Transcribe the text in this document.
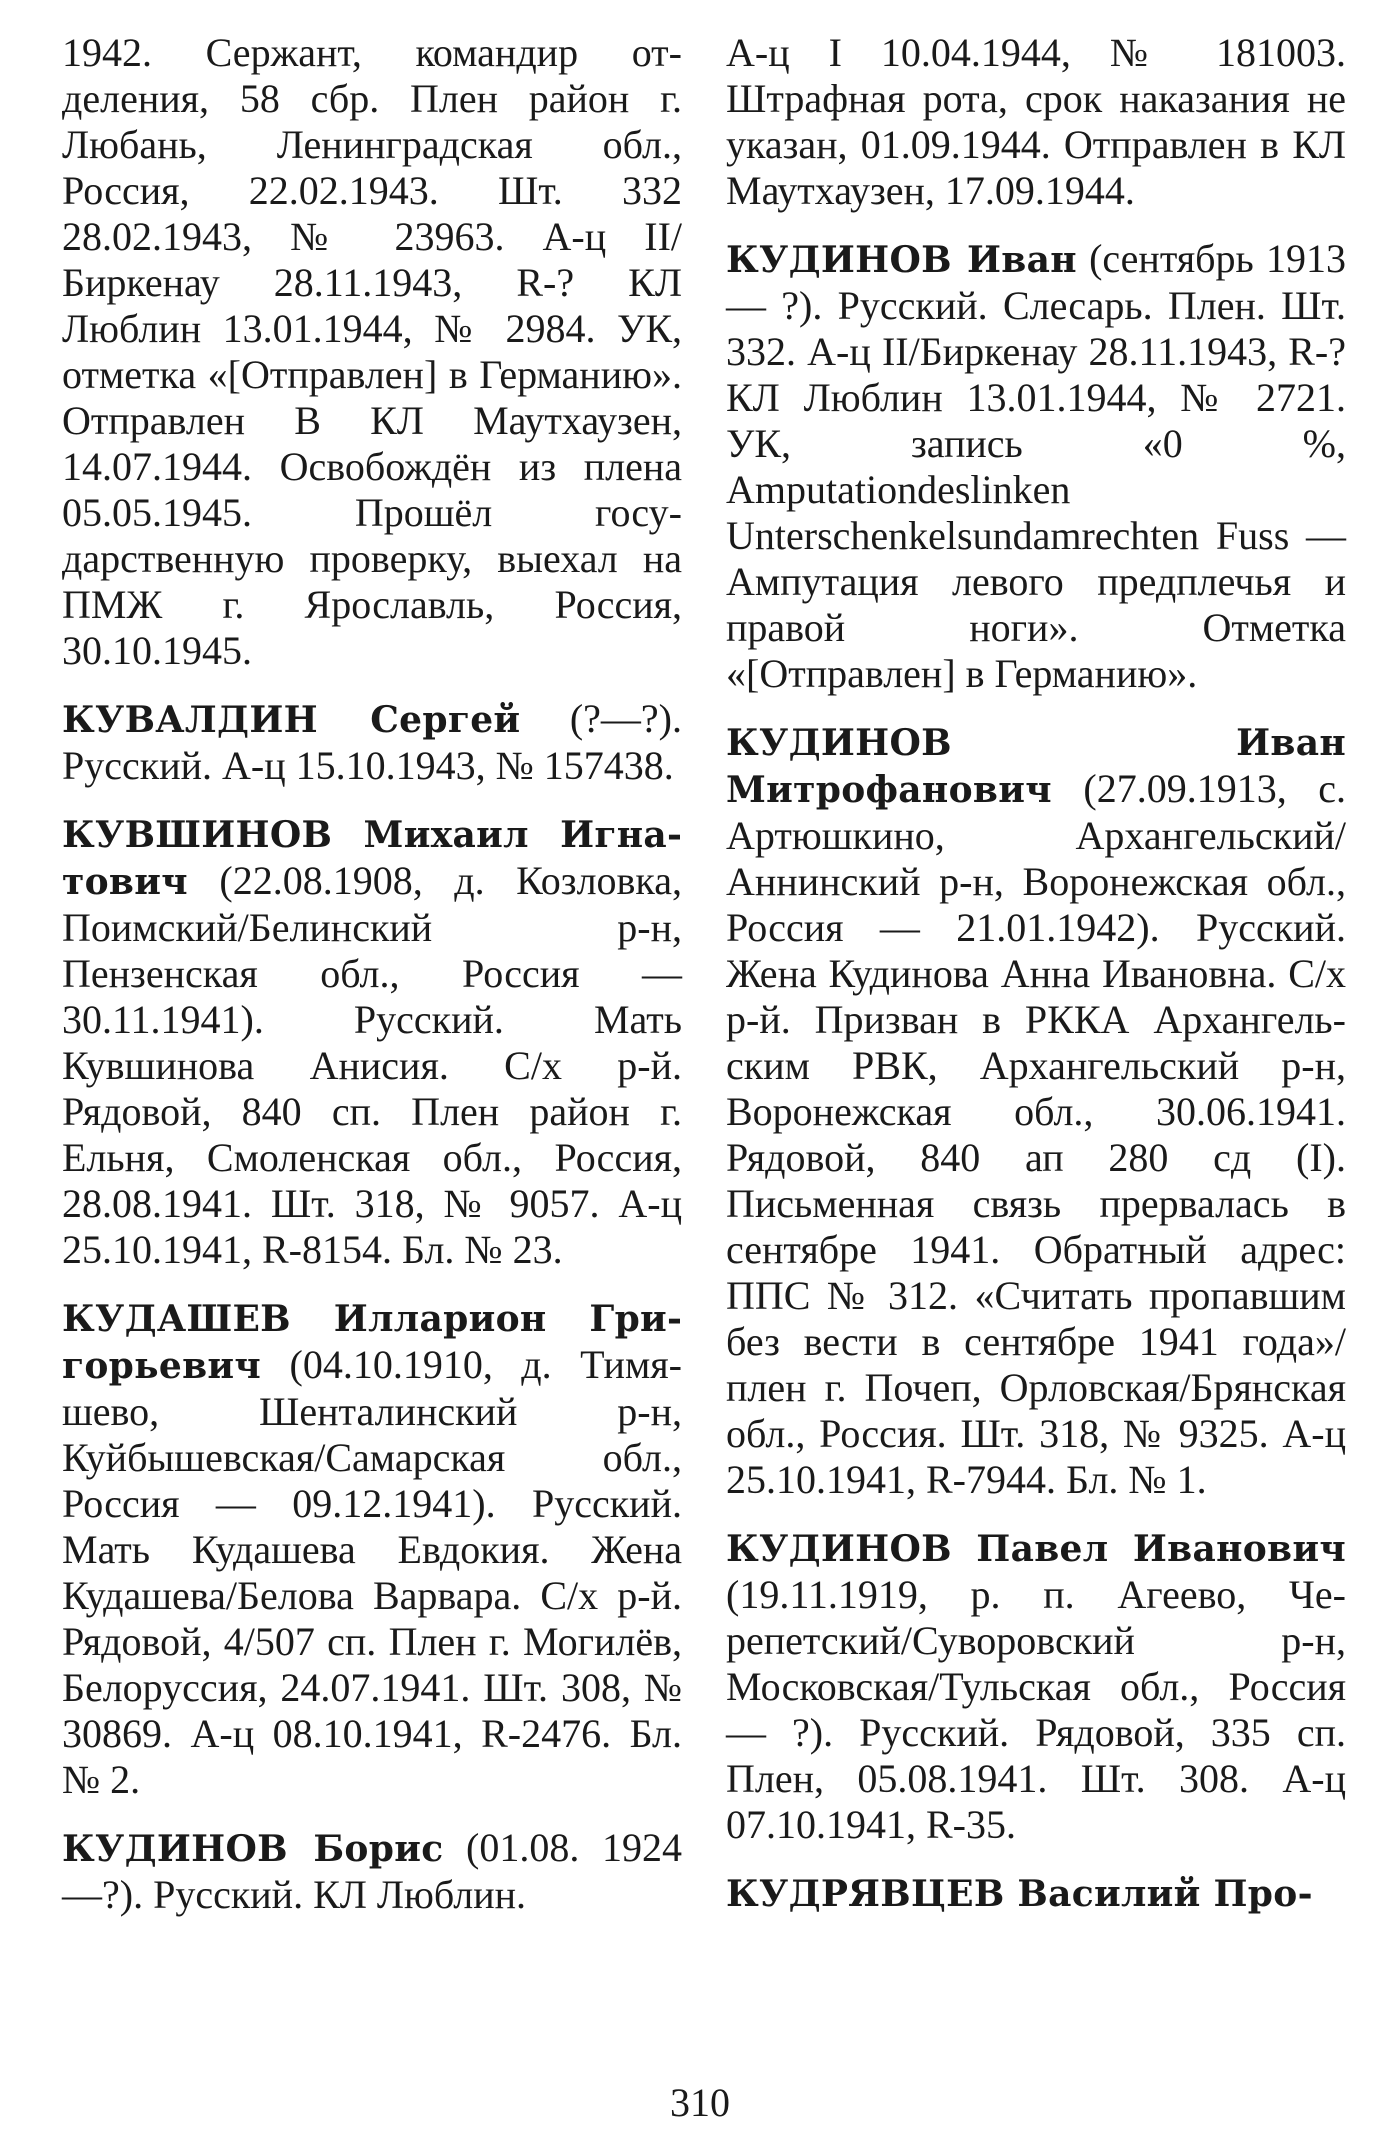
1942. Сержант, командир отделения, 58 сбр. Плен район г. Любань, Ленинградская обл., Россия, 22.02.1943. Шт. 332 28.02.1943, № 23963. А-ц II/ Биркенау 28.11.1943, R-? КЛ Люблин 13.01.1944, № 2984. УК, отметка «[Отправлен] в Германию». Отправлен В КЛ Маутхаузен, 14.07.1944. Освобождён из плена 05.05.1945. Прошёл государственную проверку, выехал на ПМЖ г. Ярославль, Россия, 30.10.1945.

КУВАЛДИН Сергей (?—?). Русский. А-ц 15.10.1943, № 157438.

КУВШИНОВ Михаил Игнатович (22.08.1908, д. Козловка, Поимский/Белинский р-н, Пензенская обл., Россия — 30.11.1941). Русский. Мать Кувшинова Анисия. С/х р-й. Рядовой, 840 сп. Плен район г. Ельня, Смоленская обл., Россия, 28.08.1941. Шт. 318, № 9057. А-ц 25.10.1941, R-8154. Бл. № 23.

КУДАШЕВ Илларион Григорьевич (04.10.1910, д. Тимяшево, Шенталинский р-н, Куйбышевская/Самарская обл., Россия — 09.12.1941). Русский. Мать Кудашева Евдокия. Жена Кудашева/Белова Варвара. С/х р-й. Рядовой, 4/507 сп. Плен г. Могилёв, Белоруссия, 24.07.1941. Шт. 308, № 30869. А-ц 08.10.1941, R-2476. Бл. № 2.

КУДИНОВ Борис (01.08. 1924—?). Русский. КЛ Люблин.

А-ц I 10.04.1944, № 181003. Штрафная рота, срок наказания не указан, 01.09.1944. Отправлен в КЛ Маутхаузен, 17.09.1944.

КУДИНОВ Иван (сентябрь 1913 — ?). Русский. Слесарь. Плен. Шт. 332. А-ц II/Биркенау 28.11.1943, R-? КЛ Люблин 13.01.1944, № 2721. УК, запись «0 %, Amputationdeslinken Unterschenkelsundamrechten Fuss — Ампутация левого предплечья и правой ноги». Отметка «[Отправлен] в Германию».

КУДИНОВ Иван Митрофанович (27.09.1913, с. Артюшкино, Архангельский/Аннинский р-н, Воронежская обл., Россия — 21.01.1942). Русский. Жена Кудинова Анна Ивановна. С/х р-й. Призван в РККА Архангельским РВК, Архангельский р-н, Воронежская обл., 30.06.1941. Рядовой, 840 ап 280 сд (I). Письменная связь прервалась в сентябре 1941. Обратный адрес: ППС № 312. «Считать пропавшим без вести в сентябре 1941 года»/плен г. Почеп, Орловская/Брянская обл., Россия. Шт. 318, № 9325. А-ц 25.10.1941, R-7944. Бл. № 1.

КУДИНОВ Павел Иванович (19.11.1919, р. п. Агеево, Черепетский/Суворовский р-н, Московская/Тульская обл., Россия — ?). Русский. Рядовой, 335 сп. Плен, 05.08.1941. Шт. 308. А-ц 07.10.1941, R-35.

КУДРЯВЦЕВ Василий Про-

310
